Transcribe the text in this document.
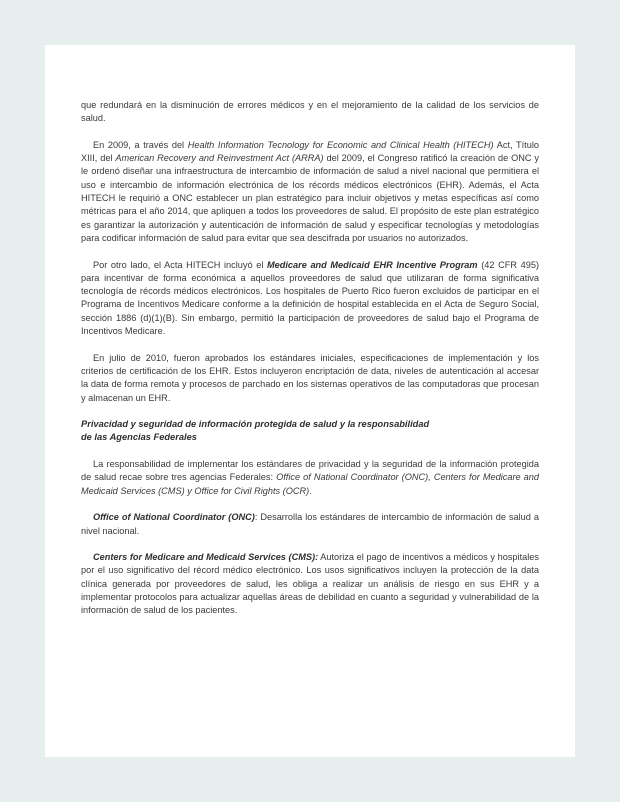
que redundará en la disminución de errores médicos y en el mejoramiento de la calidad de los servicios de salud.

En 2009, a través del Health Information Tecnology for Economic and Clinical Health (HITECH) Act, Título XIII, del American Recovery and Reinvestment Act (ARRA) del 2009, el Congreso ratificó la creación de ONC y le ordenó diseñar una infraestructura de intercambio de información de salud a nivel nacional que permitiera el uso e intercambio de información electrónica de los récords médicos electrónicos (EHR). Además, el Acta HITECH le requirió a ONC establecer un plan estratégico para incluir objetivos y metas específicas así como métricas para el año 2014, que apliquen a todos los proveedores de salud. El propósito de este plan estratégico es garantizar la autorización y autenticación de información de salud y especificar tecnologías y metodologías para codificar información de salud para evitar que sea descifrada por usuarios no autorizados.

Por otro lado, el Acta HITECH incluyó el Medicare and Medicaid EHR Incentive Program (42 CFR 495) para incentivar de forma económica a aquellos proveedores de salud que utilizaran de forma significativa tecnología de récords médicos electrónicos. Los hospitales de Puerto Rico fueron excluidos de participar en el Programa de Incentivos Medicare conforme a la definición de hospital establecida en el Acta de Seguro Social, sección 1886 (d)(1)(B). Sin embargo, permitió la participación de proveedores de salud bajo el Programa de Incentivos Medicare.

En julio de 2010, fueron aprobados los estándares iniciales, especificaciones de implementación y los criterios de certificación de los EHR. Estos incluyeron encriptación de data, niveles de autenticación al accesar la data de forma remota y procesos de parchado en los sistemas operativos de las computadoras que procesan y almacenan un EHR.

Privacidad y seguridad de información protegida de salud y la responsabilidad
de las Agencias Federales

La responsabilidad de implementar los estándares de privacidad y la seguridad de la información protegida de salud recae sobre tres agencias Federales: Office of National Coordinator (ONC), Centers for Medicare and Medicaid Services (CMS) y Office for Civil Rights (OCR).

Office of National Coordinator (ONC): Desarrolla los estándares de intercambio de información de salud a nivel nacional.

Centers for Medicare and Medicaid Services (CMS): Autoriza el pago de incentivos a médicos y hospitales por el uso significativo del récord médico electrónico. Los usos significativos incluyen la protección de la data clínica generada por proveedores de salud, les obliga a realizar un análisis de riesgo en sus EHR y a implementar protocolos para actualizar aquellas áreas de debilidad en cuanto a seguridad y vulnerabilidad de la información de salud de los pacientes.
